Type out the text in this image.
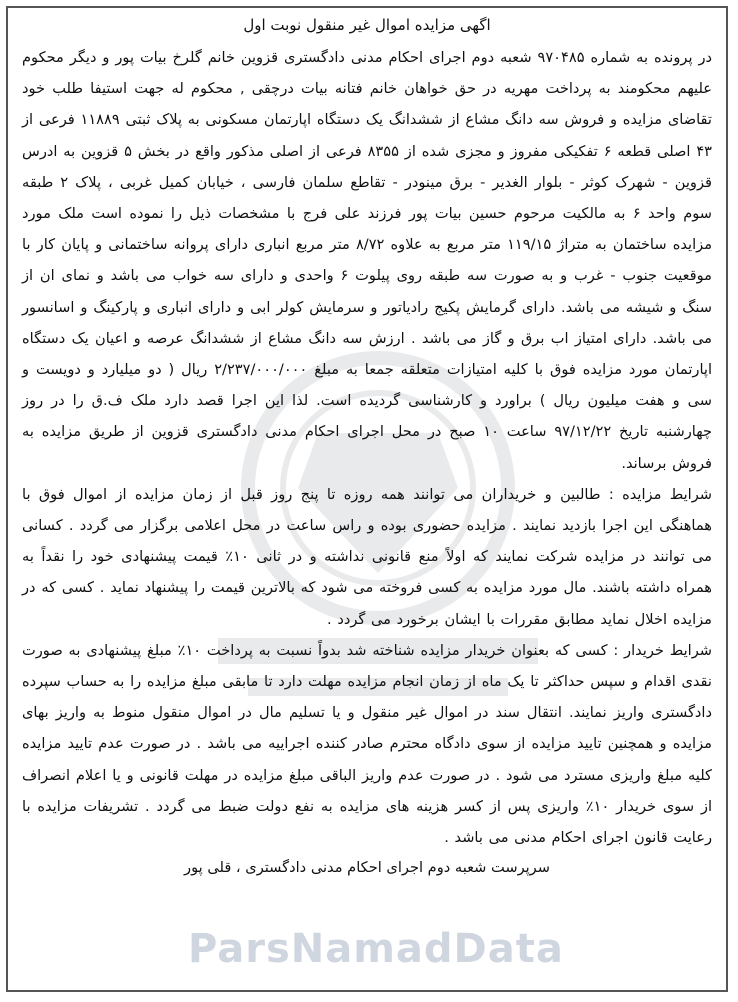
ParsNamadData

اگهی مزایده اموال غیر منقول نوبت اول

در پرونده به شماره ۹۷۰۴۸۵ شعبه دوم اجرای احکام مدنی دادگستری قزوین خانم گلرخ بیات پور و دیگر محکوم علیهم محکومند به پرداخت مهریه در حق خواهان خانم فتانه بیات درچقی , محکوم له جهت استیفا طلب خود تقاضای مزایده و فروش سه دانگ مشاع از ششدانگ یک دستگاه اپارتمان مسکونی به پلاک ثبتی ۱۱۸۸۹ فرعی از ۴۳ اصلی قطعه ۶ تفکیکی مفروز و مجزی شده از ۸۳۵۵ فرعی از اصلی مذکور واقع در بخش ۵ قزوین به ادرس قزوین - شهرک کوثر - بلوار الغدیر - برق مینودر - تقاطع سلمان فارسی ، خیابان کمیل غربی ، پلاک ۲ طبقه سوم واحد ۶ به مالکیت مرحوم حسین بیات پور فرزند علی فرج با مشخصات ذیل را نموده است ملک مورد مزایده ساختمان به متراژ ۱۱۹/۱۵ متر مربع به علاوه ۸/۷۲ متر مربع انباری دارای پروانه ساختمانی و پایان کار با موقعیت جنوب - غرب و به صورت سه طبقه روی پیلوت ۶ واحدی و دارای سه خواب می باشد و نمای ان از سنگ و شیشه می باشد. دارای گرمایش پکیج رادیاتور و سرمایش کولر ابی و دارای انباری و پارکینگ و اسانسور می باشد. دارای امتیاز اب برق و گاز می باشد . ارزش سه دانگ مشاع از ششدانگ عرصه و اعیان یک دستگاه اپارتمان مورد مزایده فوق با کلیه امتیازات متعلقه جمعا به مبلغ ۲/۲۳۷/۰۰۰/۰۰۰ ریال ( دو میلیارد و دویست و سی و هفت میلیون ریال ) براورد و کارشناسی گردیده است. لذا این اجرا قصد دارد ملک ف.ق را در روز چهارشنبه تاریخ ۹۷/۱۲/۲۲ ساعت ۱۰ صبح در محل اجرای احکام مدنی دادگستری قزوین از طریق مزایده به فروش برساند.

شرایط مزایده : طالبین و خریداران می توانند همه روزه تا پنج روز قبل از زمان مزایده از اموال فوق با هماهنگی این اجرا بازدید نمایند . مزایده حضوری بوده و راس ساعت در محل اعلامی برگزار می گردد . کسانی می توانند در مزایده شرکت نمایند که اولاً منع قانونی نداشته و در ثانی ۱۰٪ قیمت پیشنهادی خود را نقداً به همراه داشته باشند. مال مورد مزایده به کسی فروخته می شود که بالاترین قیمت را پیشنهاد نماید . کسی که در مزایده اخلال نماید مطابق مقررات با ایشان برخورد می گردد .

شرایط خریدار : کسی که بعنوان خریدار مزایده شناخته شد بدواً نسبت به پرداخت ۱۰٪ مبلغ پیشنهادی به صورت نقدی اقدام و سپس حداکثر تا یک ماه از زمان انجام مزایده مهلت دارد تا مابقی مبلغ مزایده را به حساب سپرده دادگستری واریز نمایند. انتقال سند در اموال غیر منقول و یا تسلیم مال در اموال منقول منوط به واریز بهای مزایده و همچنین تایید مزایده از سوی دادگاه محترم صادر کننده اجراییه می باشد . در صورت عدم تایید مزایده کلیه مبلغ واریزی مسترد می شود . در صورت عدم واریز الباقی مبلغ مزایده در مهلت قانونی و یا اعلام انصراف از سوی خریدار ۱۰٪ واریزی پس از کسر هزینه های مزایده به نفع دولت ضبط می گردد . تشریفات مزایده با رعایت قانون اجرای احکام مدنی می باشد .

سرپرست شعبه دوم اجرای احکام مدنی دادگستری ، قلی پور
